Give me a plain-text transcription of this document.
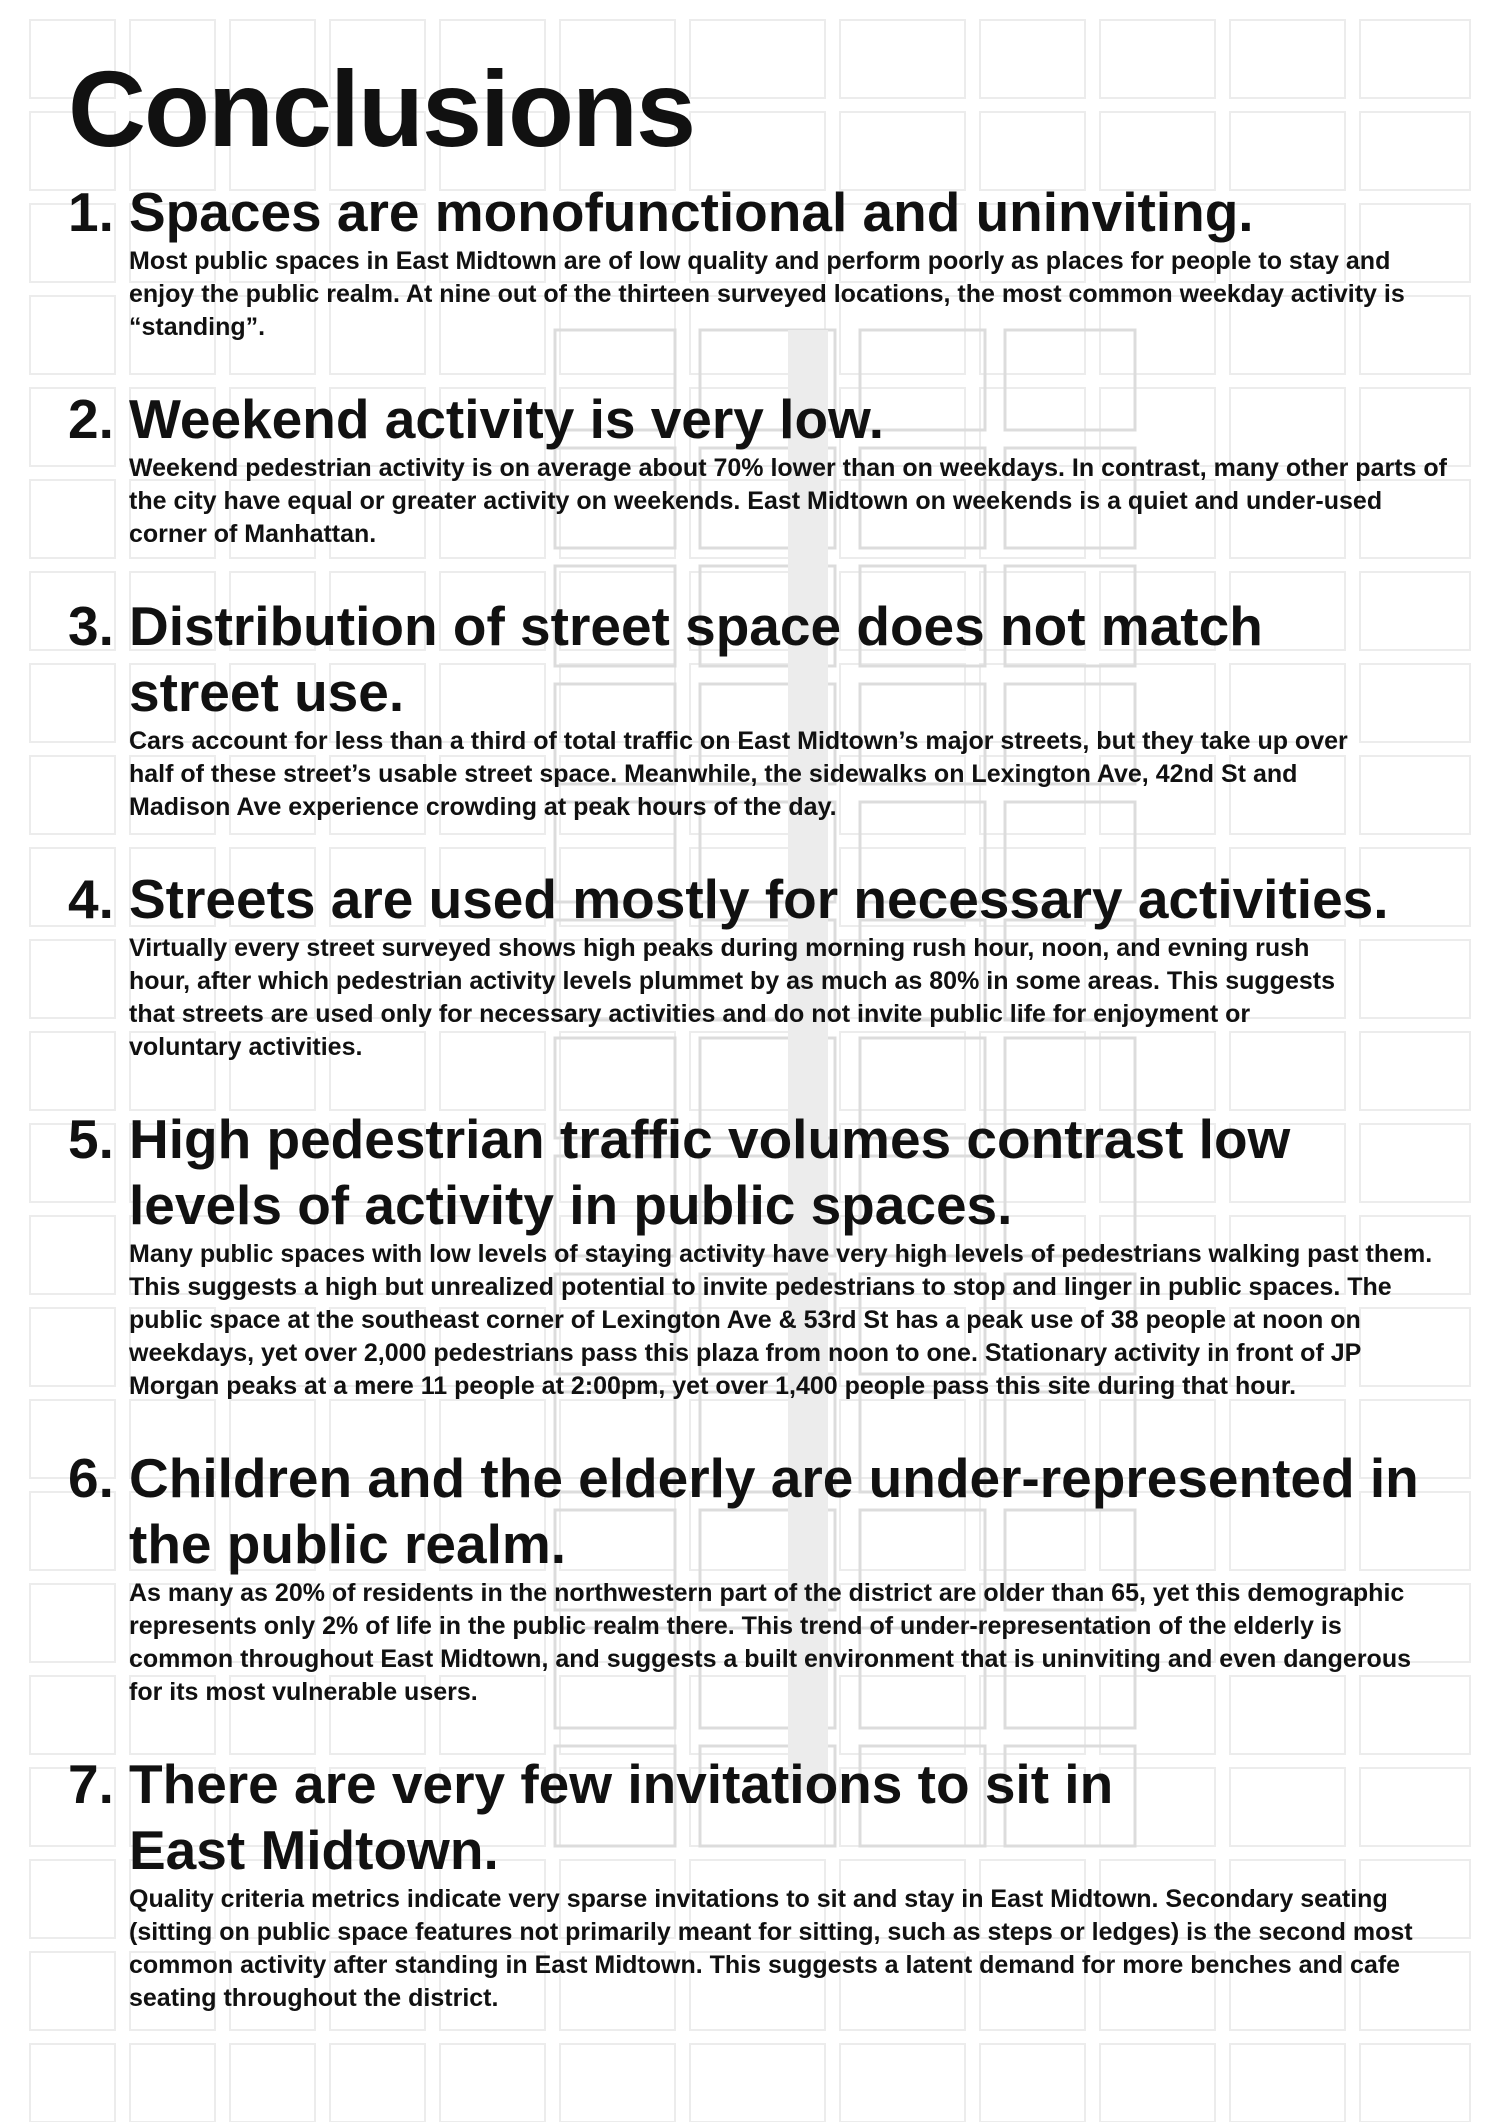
Conclusions
1. Spaces are monofunctional and uninviting.

Most public spaces in East Midtown are of low quality and perform poorly as places for people to stay and enjoy the public realm. At nine out of the thirteen surveyed locations, the most common weekday activity is “standing”.

2. Weekend activity is very low.

Weekend pedestrian activity is on average about 70% lower than on weekdays. In contrast, many other parts of the city have equal or greater activity on weekends. East Midtown on weekends is a quiet and under-used corner of Manhattan.

3. Distribution of street space does not match street use.

Cars account for less than a third of total traffic on East Midtown’s major streets, but they take up over half of these street’s usable street space. Meanwhile, the sidewalks on Lexington Ave, 42nd St and Madison Ave experience crowding at peak hours of the day.

4. Streets are used mostly for necessary activities.

Virtually every street surveyed shows high peaks during morning rush hour, noon, and evning rush hour, after which pedestrian activity levels plummet by as much as 80% in some areas. This suggests that streets are used only for necessary activities and do not invite public life for enjoyment or voluntary activities.

5. High pedestrian traffic volumes contrast low levels of activity in public spaces.

Many public spaces with low levels of staying activity have very high levels of pedestrians walking past them. This suggests a high but unrealized potential to invite pedestrians to stop and linger in public spaces. The public space at the southeast corner of Lexington Ave & 53rd St has a peak use of 38 people at noon on weekdays, yet over 2,000 pedestrians pass this plaza from noon to one. Stationary activity in front of JP Morgan peaks at a mere 11 people at 2:00pm, yet over 1,400 people pass this site during that hour.

6. Children and the elderly are under-represented in the public realm.

As many as 20% of residents in the northwestern part of the district are older than 65, yet this demographic represents only 2% of life in the public realm there. This trend of under-representation of the elderly is common throughout East Midtown, and suggests a built environment that is uninviting and even dangerous for its most vulnerable users.

7. There are very few invitations to sit in East Midtown.

Quality criteria metrics indicate very sparse invitations to sit and stay in East Midtown. Secondary seating (sitting on public space features not primarily meant for sitting, such as steps or ledges) is the second most common activity after standing in East Midtown. This suggests a latent demand for more benches and cafe seating throughout the district.
